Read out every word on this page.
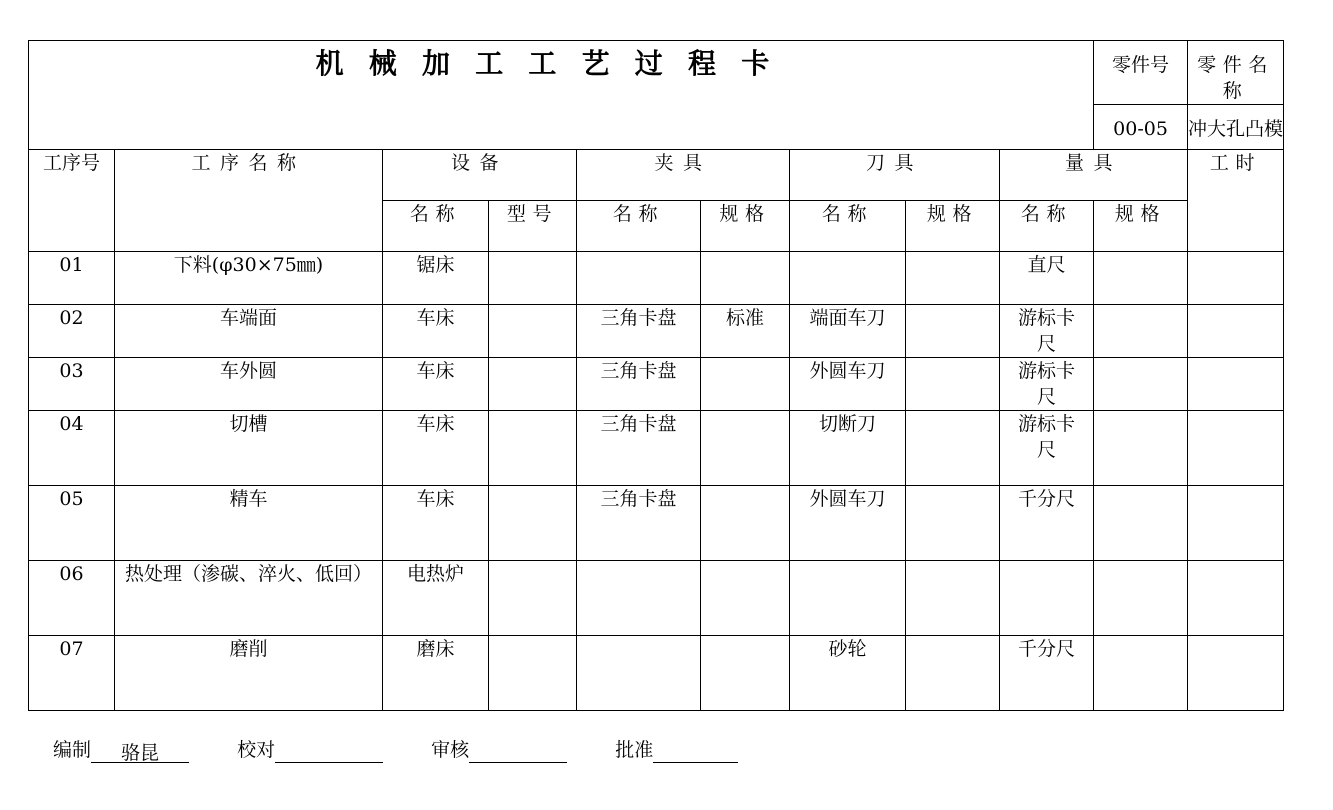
机械加工工艺过程卡									零件号	零件名称
									00-05	冲大孔凸模
工序号	工序名称	设备		夹具		刀具		量具		工时
		名称	型号	名称	规格	名称	规格	名称	规格	
01	下料(φ30×75㎜)	锯床						直尺		
02	车端面	车床		三角卡盘	标准	端面车刀		游标卡尺		
03	车外圆	车床		三角卡盘		外圆车刀		游标卡尺		
04	切槽	车床		三角卡盘		切断刀		游标卡尺		
05	精车	车床		三角卡盘		外圆车刀		千分尺		
06	热处理（渗碳、淬火、低回）	电热炉								
07	磨削	磨床				砂轮		千分尺		
编制 骆昆	校对	审核	批准
